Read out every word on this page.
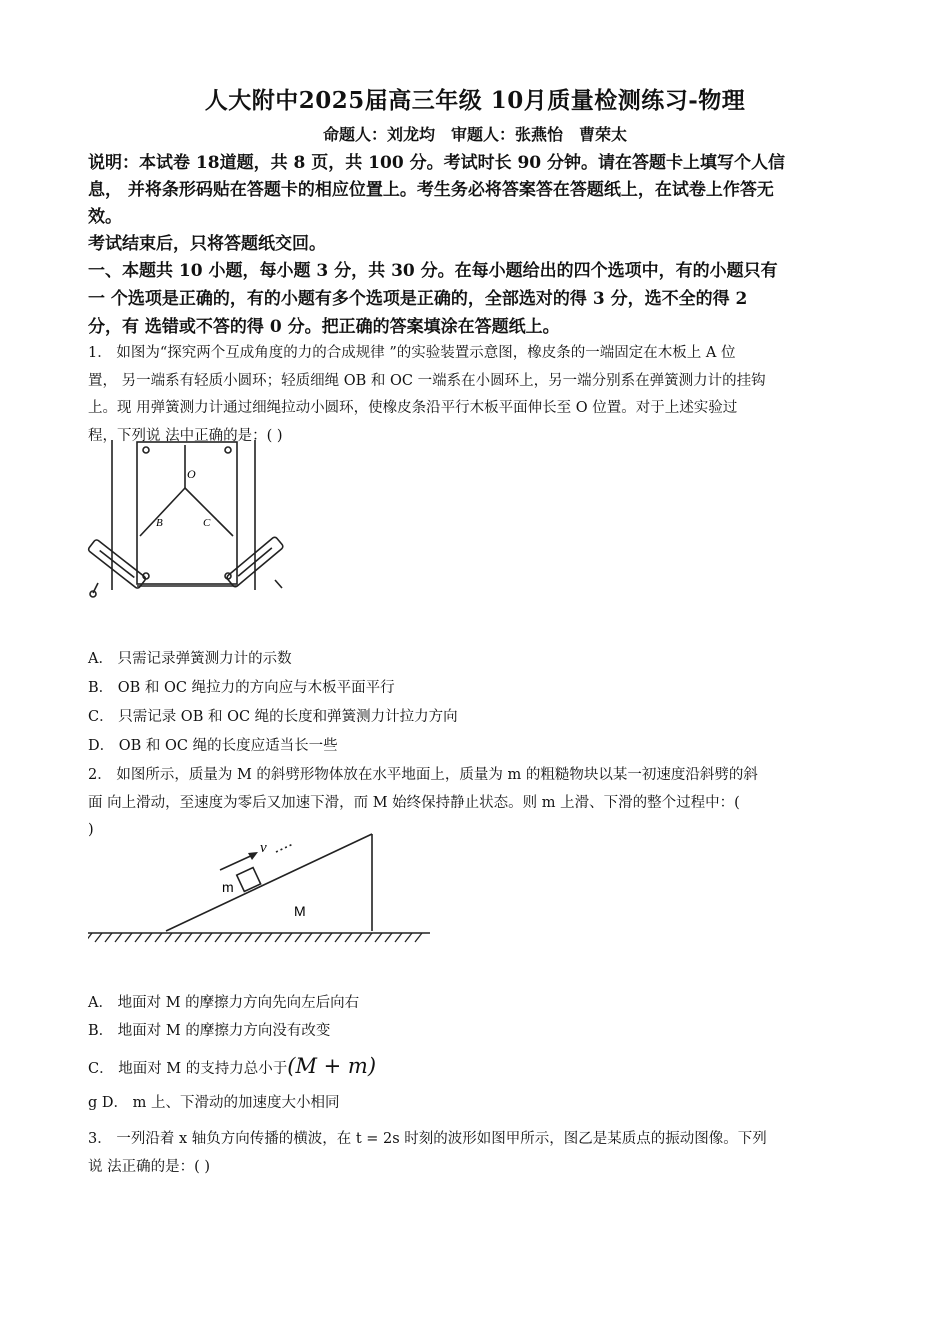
人大附中2025届高三年级 10月质量检测练习-物理
命题人：刘龙均　审题人：张燕怡　曹荣太
说明：本试卷 18道题，共 8 页，共 100 分。考试时长 90 分钟。请在答题卡上填写个人信
息， 并将条形码贴在答题卡的相应位置上。考生务必将答案答在答题纸上，在试卷上作答无
效。
考试结束后，只将答题纸交回。
一、本题共 10 小题，每小题 3 分，共 30 分。在每小题给出的四个选项中，有的小题只有
一 个选项是正确的，有的小题有多个选项是正确的，全部选对的得 3 分，选不全的得 2
分，有 选错或不答的得 0 分。把正确的答案填涂在答题纸上。
1． 如图为“探究两个互成角度的力的合成规律 ”的实验装置示意图，橡皮条的一端固定在木板上 A 位
置， 另一端系有轻质小圆环；轻质细绳 OB 和 OC 一端系在小圆环上，另一端分别系在弹簧测力计的挂钩
上。现 用弹簧测力计通过细绳拉动小圆环，使橡皮条沿平行木板平面伸长至 O 位置。对于上述实验过
程，下列说 法中正确的是：( )
O
B	C
A． 只需记录弹簧测力计的示数
B． OB 和 OC 绳拉力的方向应与木板平面平行
C． 只需记录 OB 和 OC 绳的长度和弹簧测力计拉力方向
D． OB 和 OC 绳的长度应适当长一些
2． 如图所示，质量为 M 的斜劈形物体放在水平地面上，质量为 m 的粗糙物块以某一初速度沿斜劈的斜
面 向上滑动，至速度为零后又加速下滑，而 M 始终保持静止状态。则 m 上滑、下滑的整个过程中：(
)
v
m
M
A． 地面对 M 的摩擦力方向先向左后向右
B． 地面对 M 的摩擦力方向没有改变
C． 地面对 M 的支持力总小于(M + m)
g D． m 上、下滑动的加速度大小相同
3． 一列沿着 x 轴负方向传播的横波，在 t = 2s 时刻的波形如图甲所示，图乙是某质点的振动图像。下列
说 法正确的是：( )
